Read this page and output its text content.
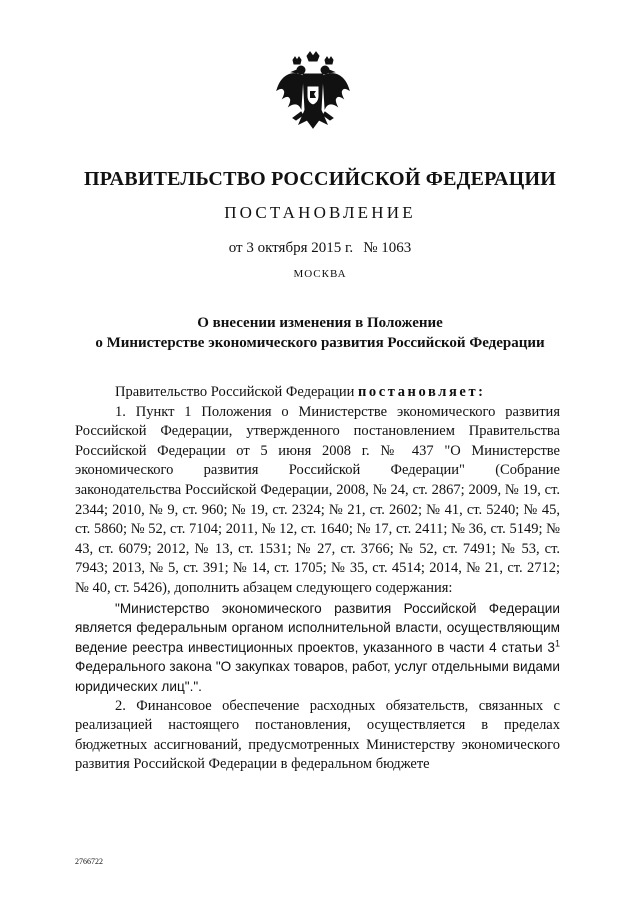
ПРАВИТЕЛЬСТВО РОССИЙСКОЙ ФЕДЕРАЦИИ
ПОСТАНОВЛЕНИЕ
от 3 октября 2015 г. № 1063
МОСКВА
О внесении изменения в Положение
о Министерстве экономического развития Российской Федерации

Правительство Российской Федерации постановляет:

1. Пункт 1 Положения о Министерстве экономического развития Российской Федерации, утвержденного постановлением Правительства Российской Федерации от 5 июня 2008 г. № 437 "О Министерстве экономического развития Российской Федерации" (Собрание законодательства Российской Федерации, 2008, № 24, ст. 2867; 2009, № 19, ст. 2344; 2010, № 9, ст. 960; № 19, ст. 2324; № 21, ст. 2602; № 41, ст. 5240; № 45, ст. 5860; № 52, ст. 7104; 2011, № 12, ст. 1640; № 17, ст. 2411; № 36, ст. 5149; № 43, ст. 6079; 2012, № 13, ст. 1531; № 27, ст. 3766; № 52, ст. 7491; № 53, ст. 7943; 2013, № 5, ст. 391; № 14, ст. 1705; № 35, ст. 4514; 2014, № 21, ст. 2712; № 40, ст. 5426), дополнить абзацем следующего содержания:

"Министерство экономического развития Российской Федерации является федеральным органом исполнительной власти, осуществляющим ведение реестра инвестиционных проектов, указанного в части 4 статьи $3^1$ Федерального закона "О закупках товаров, работ, услуг отдельными видами юридических лиц".".

2. Финансовое обеспечение расходных обязательств, связанных с реализацией настоящего постановления, осуществляется в пределах бюджетных ассигнований, предусмотренных Министерству экономического развития Российской Федерации в федеральном бюджете

2766722
